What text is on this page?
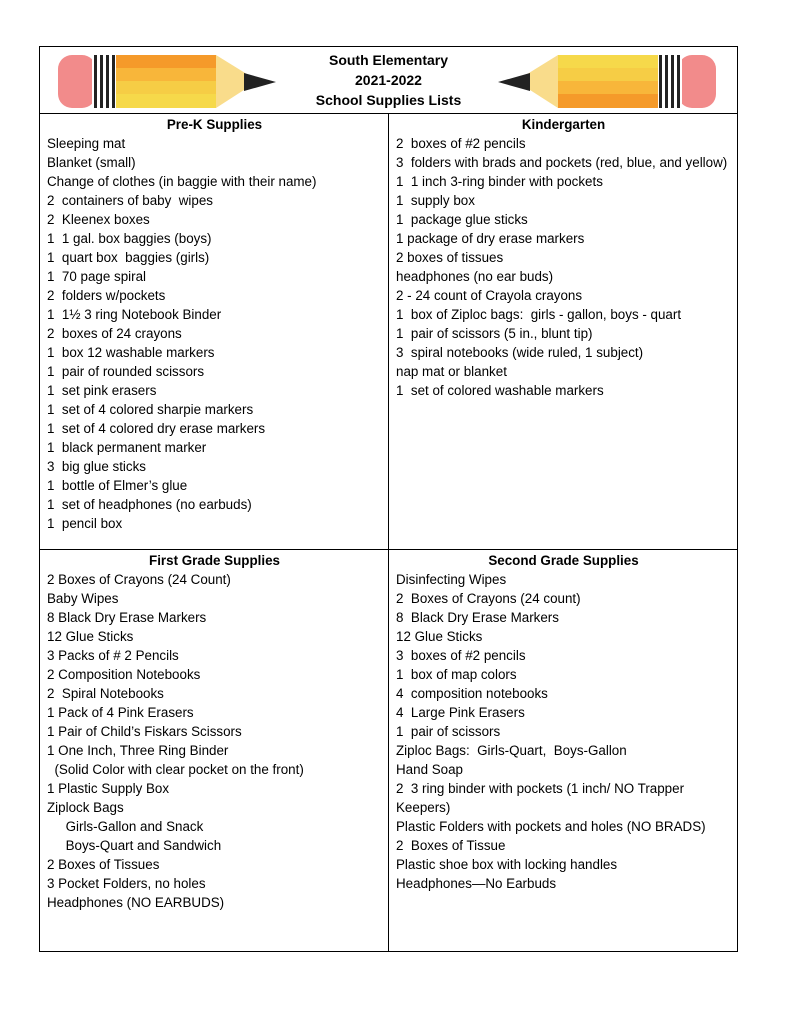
South Elementary
2021-2022
School Supplies Lists
Pre-K Supplies
Sleeping mat
Blanket (small)
Change of clothes (in baggie with their name)
2  containers of baby  wipes
2  Kleenex boxes
1  1 gal. box baggies (boys)
1  quart box  baggies (girls)
1  70 page spiral
2  folders w/pockets
1  1½ 3 ring Notebook Binder
2  boxes of 24 crayons
1  box 12 washable markers
1  pair of rounded scissors
1  set pink erasers
1  set of 4 colored sharpie markers
1  set of 4 colored dry erase markers
1  black permanent marker
3  big glue sticks
1  bottle of Elmer’s glue
1  set of headphones (no earbuds)
1  pencil box
Kindergarten
2  boxes of #2 pencils
3  folders with brads and pockets (red, blue, and yellow)
1  1 inch 3-ring binder with pockets
1  supply box
1  package glue sticks
1 package of dry erase markers
2 boxes of tissues
headphones (no ear buds)
2 - 24 count of Crayola crayons
1  box of Ziploc bags:  girls - gallon, boys - quart
1  pair of scissors (5 in., blunt tip)
3  spiral notebooks (wide ruled, 1 subject)
nap mat or blanket
1  set of colored washable markers
First Grade Supplies
2 Boxes of Crayons (24 Count)
Baby Wipes
8 Black Dry Erase Markers
12 Glue Sticks
3 Packs of # 2 Pencils
2 Composition Notebooks
2  Spiral Notebooks
1 Pack of 4 Pink Erasers
1 Pair of Child’s Fiskars Scissors
1 One Inch, Three Ring Binder
(Solid Color with clear pocket on the front)
1 Plastic Supply Box
Ziplock Bags
Girls-Gallon and Snack
Boys-Quart and Sandwich
2 Boxes of Tissues
3 Pocket Folders, no holes
Headphones (NO EARBUDS)
Second Grade Supplies
Disinfecting Wipes
2  Boxes of Crayons (24 count)
8  Black Dry Erase Markers
12 Glue Sticks
3  boxes of #2 pencils
1  box of map colors
4  composition notebooks
4  Large Pink Erasers
1  pair of scissors
Ziploc Bags:  Girls-Quart,  Boys-Gallon
Hand Soap
2  3 ring binder with pockets (1 inch/ NO Trapper Keepers)
Plastic Folders with pockets and holes (NO BRADS)
2  Boxes of Tissue
Plastic shoe box with locking handles
Headphones—No Earbuds
